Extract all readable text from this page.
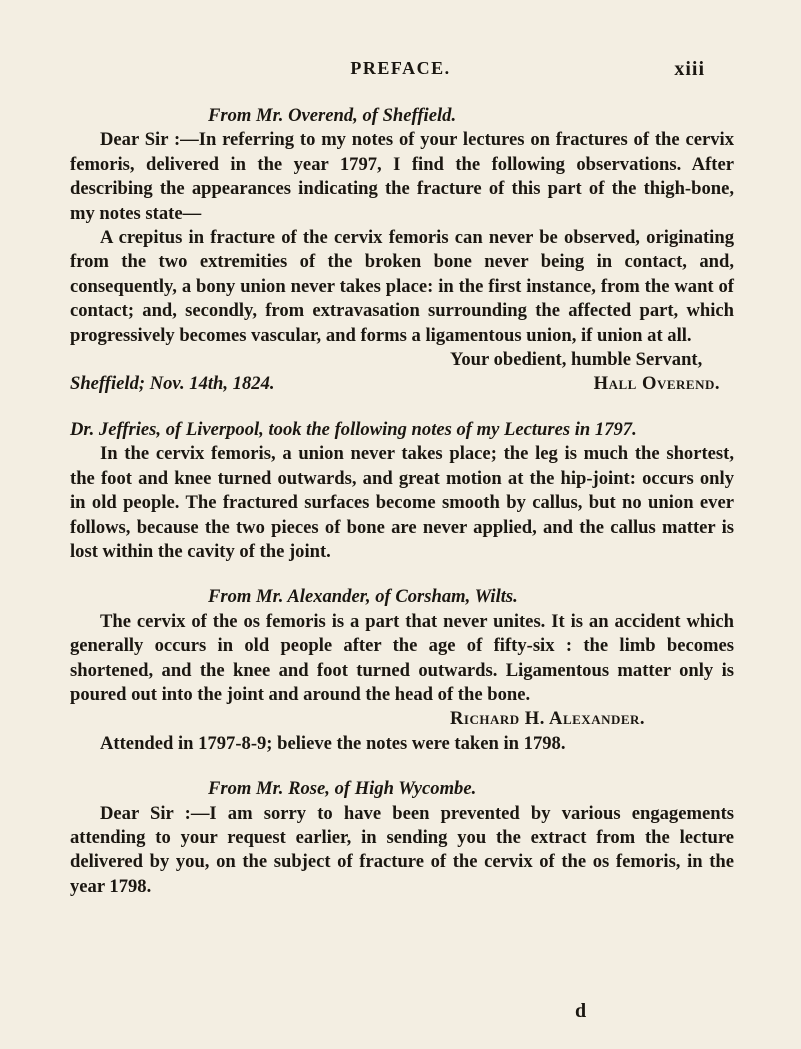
PREFACE.	xiii

From Mr. Overend, of Sheffield.

Dear Sir :—In referring to my notes of your lectures on fractures of the cervix femoris, delivered in the year 1797, I find the following observations. After describing the appearances indicating the fracture of this part of the thigh-bone, my notes state—

A crepitus in fracture of the cervix femoris can never be observed, originating from the two extremities of the broken bone never being in contact, and, consequently, a bony union never takes place: in the first instance, from the want of contact; and, secondly, from extravasation surrounding the affected part, which progressively becomes vascular, and forms a ligamentous union, if union at all.

Your obedient, humble Servant,

Sheffield; Nov. 14th, 1824.	Hall Overend.

Dr. Jeffries, of Liverpool, took the following notes of my Lectures in 1797.

In the cervix femoris, a union never takes place; the leg is much the shortest, the foot and knee turned outwards, and great motion at the hip-joint: occurs only in old people. The fractured surfaces become smooth by callus, but no union ever follows, because the two pieces of bone are never applied, and the callus matter is lost within the cavity of the joint.

From Mr. Alexander, of Corsham, Wilts.

The cervix of the os femoris is a part that never unites. It is an accident which generally occurs in old people after the age of fifty-six : the limb becomes shortened, and the knee and foot turned outwards. Ligamentous matter only is poured out into the joint and around the head of the bone.

Richard H. Alexander.

Attended in 1797-8-9; believe the notes were taken in 1798.

From Mr. Rose, of High Wycombe.

Dear Sir :—I am sorry to have been prevented by various engagements attending to your request earlier, in sending you the extract from the lecture delivered by you, on the subject of fracture of the cervix of the os femoris, in the year 1798.

d
